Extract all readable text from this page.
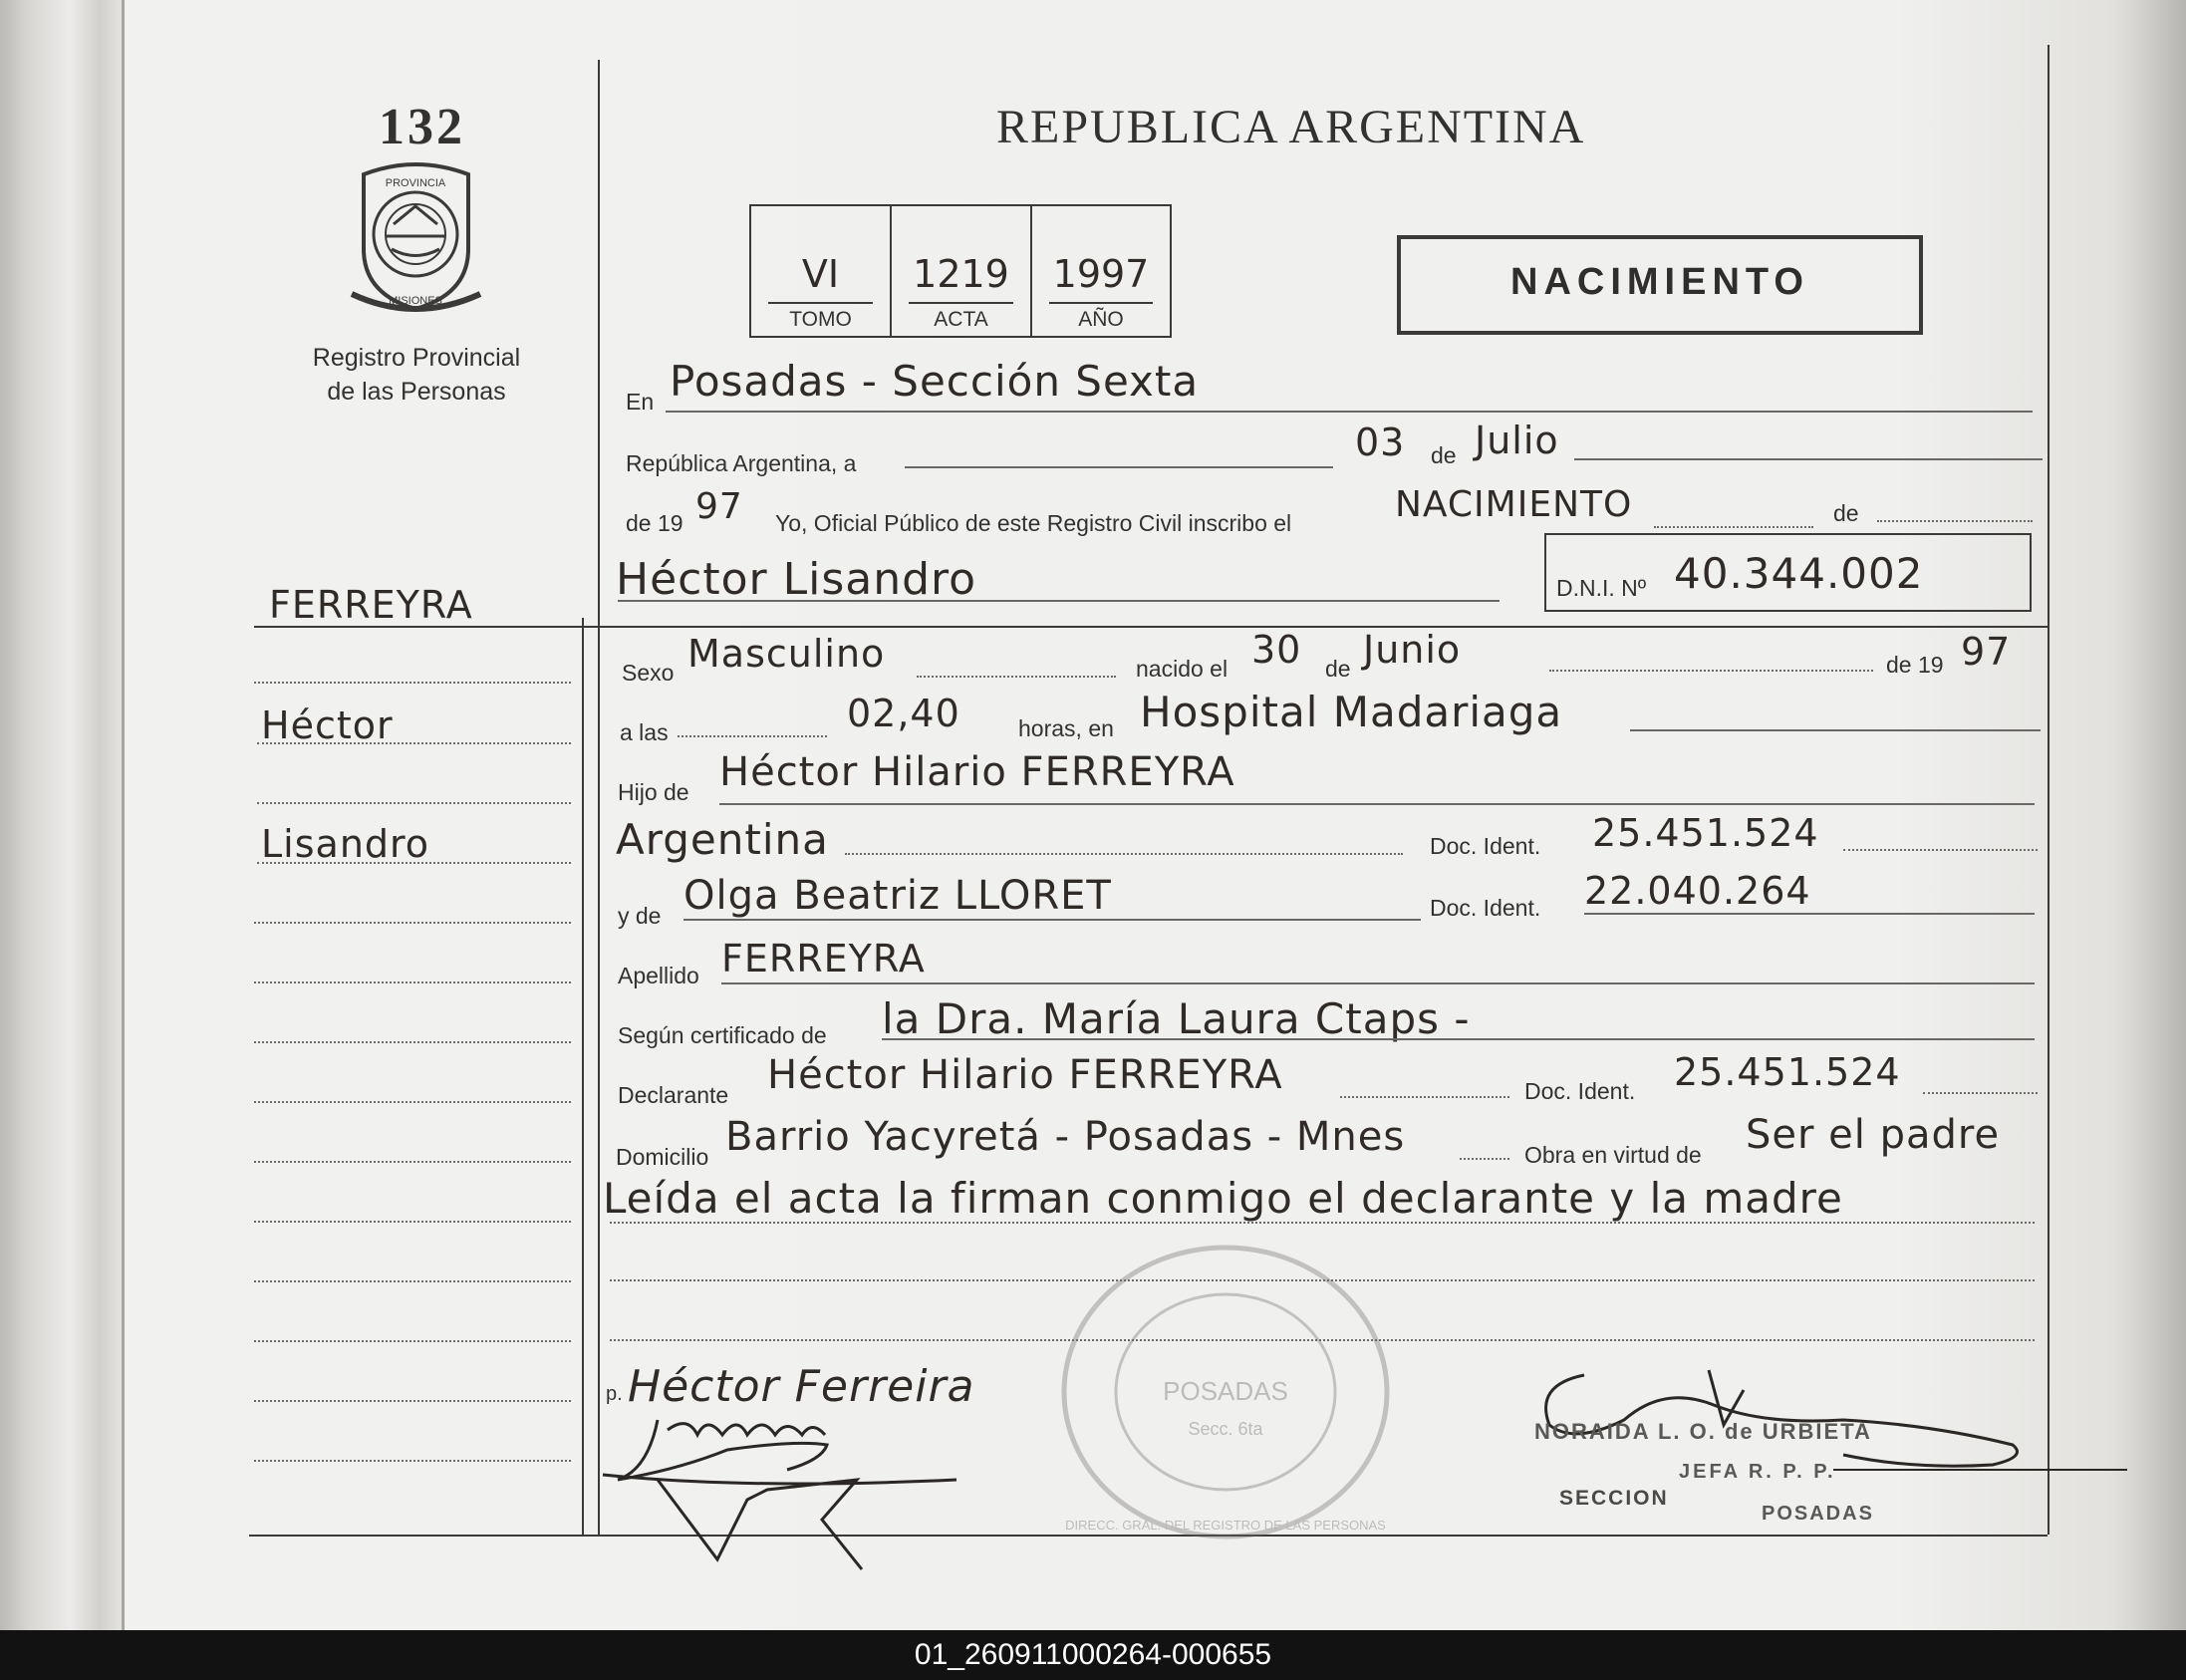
132
PROVINCIA
MISIONES
Registro Provincial
de las Personas
REPUBLICA ARGENTINA
VI
TOMO
1219
ACTA
1997
AÑO
NACIMIENTO
En Posadas - Sección Sexta
República Argentina, a	03 de Julio
de 19 97 Yo, Oficial Público de este Registro Civil inscribo el	NACIMIENTO	de
Héctor Lisandro	D.N.I. Nº 40.344.002
FERREYRA
Héctor
Lisandro
Sexo Masculino	nacido el 30 de Junio	de 19 97
a las	02,40	horas, en Hospital Madariaga
Hijo de Héctor Hilario FERREYRA
Argentina	Doc. Ident. 25.451.524
y de Olga Beatriz LLORET	Doc. Ident. 22.040.264
Apellido FERREYRA
Según certificado de la Dra. María Laura Ctaps -
Declarante Héctor Hilario FERREYRA	Doc. Ident. 25.451.524
Domicilio Barrio Yacyretá - Posadas - Mnes	Obra en virtud de Ser el padre
Leída el acta la firman conmigo el declarante y la madre
POSADAS
Secc. 6ta
DIRECC. GRAL. DEL REGISTRO DE LAS PERSONAS
p. Héctor Ferreira
NORAIDA L. O. de URBIETA
JEFA R. P. P.
SECCION
POSADAS
01_260911000264-000655
